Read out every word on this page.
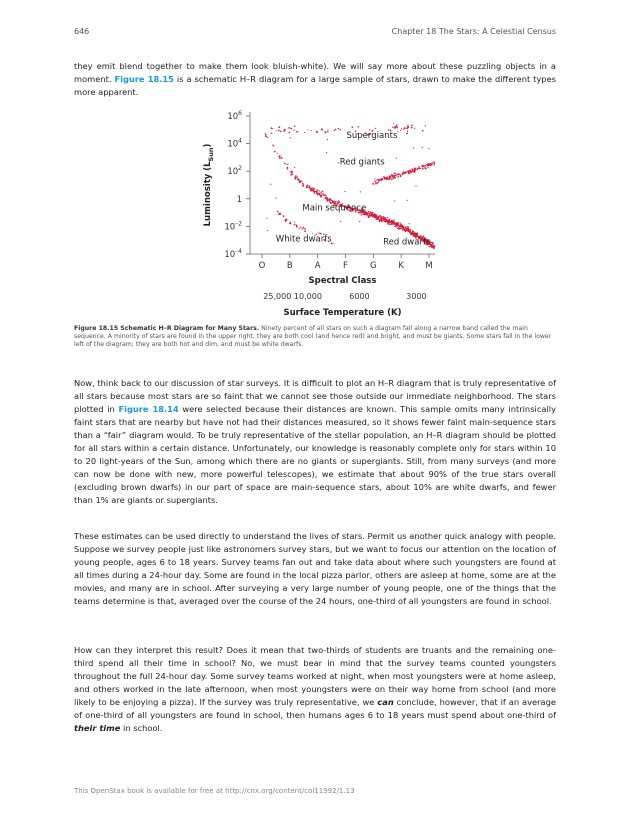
646	Chapter 18 The Stars: A Celestial Census

they emit blend together to make them look bluish-white). We will say more about these puzzling objects in a moment. Figure 18.15 is a schematic H–R diagram for a large sample of stars, drawn to make the different types more apparent.

$10^6$
$10^4$
$10^2$
1
$10^{-2}$
$10^{-4}$
O	B	A	F	G	K	M
Spectral Class
25,000 10,000	6000	3000
Surface Temperature (K)
Luminosity $(L_{Sun})$
Supergiants
Red giants
Main sequence
White dwarfs	Red dwarfs
Figure 18.15 Schematic H–R Diagram for Many Stars. Ninety percent of all stars on such a diagram fall along a narrow band called the main sequence. A minority of stars are found in the upper right; they are both cool (and hence red) and bright, and must be giants. Some stars fall in the lower left of the diagram; they are both hot and dim, and must be white dwarfs.

Now, think back to our discussion of star surveys. It is difficult to plot an H–R diagram that is truly representative of all stars because most stars are so faint that we cannot see those outside our immediate neighborhood. The stars plotted in Figure 18.14 were selected because their distances are known. This sample omits many intrinsically faint stars that are nearby but have not had their distances measured, so it shows fewer faint main-sequence stars than a “fair” diagram would. To be truly representative of the stellar population, an H–R diagram should be plotted for all stars within a certain distance. Unfortunately, our knowledge is reasonably complete only for stars within 10 to 20 light-years of the Sun, among which there are no giants or supergiants. Still, from many surveys (and more can now be done with new, more powerful telescopes), we estimate that about 90% of the true stars overall (excluding brown dwarfs) in our part of space are main-sequence stars, about 10% are white dwarfs, and fewer than 1% are giants or supergiants.

These estimates can be used directly to understand the lives of stars. Permit us another quick analogy with people. Suppose we survey people just like astronomers survey stars, but we want to focus our attention on the location of young people, ages 6 to 18 years. Survey teams fan out and take data about where such youngsters are found at all times during a 24-hour day. Some are found in the local pizza parlor, others are asleep at home, some are at the movies, and many are in school. After surveying a very large number of young people, one of the things that the teams determine is that, averaged over the course of the 24 hours, one-third of all youngsters are found in school.

How can they interpret this result? Does it mean that two-thirds of students are truants and the remaining one-third spend all their time in school? No, we must bear in mind that the survey teams counted youngsters throughout the full 24-hour day. Some survey teams worked at night, when most youngsters were at home asleep, and others worked in the late afternoon, when most youngsters were on their way home from school (and more likely to be enjoying a pizza). If the survey was truly representative, we can conclude, however, that if an average of one-third of all youngsters are found in school, then humans ages 6 to 18 years must spend about one-third of their time in school.

This OpenStax book is available for free at http://cnx.org/content/col11992/1.13
